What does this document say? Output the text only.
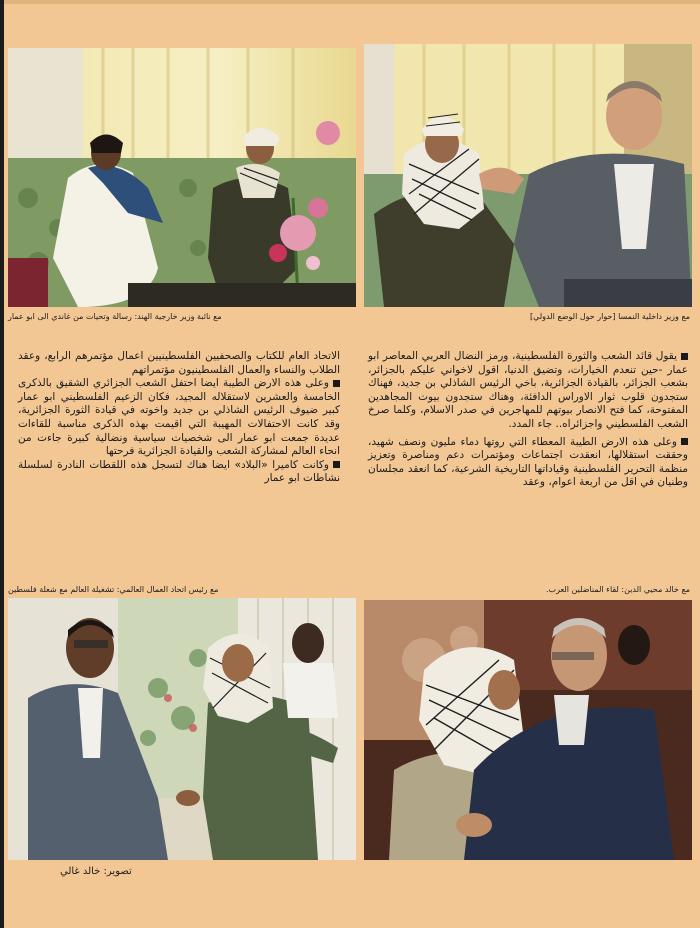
مع نائبة وزير خارجية الهند: رسالة وتحيات من غاندي الى ابو عمار	مع وزير داخلية النمسا [حوار حول الوضع الدولي]

يقول قائد الشعب والثورة الفلسطينية، ورمز النضال العربي المعاصر ابو عمار -حين تنعدم الخيارات، وتضيق الدنيا، اقول لاخواني عليكم بالجزائر، بشعب الجزائر، بالقيادة الجزائرية، باخي الرئيس الشاذلي بن جديد، فهناك ستجدون قلوب ثوار الاوراس الدافئة، وهناك ستجدون بيوت المجاهدين المفتوحة، كما فتح الانصار بيوتهم للمهاجرين في صدر الاسلام، وكلما صرخ الشعب الفلسطيني واجزائراه.. جاء المدد.

وعلى هذه الارض الطيبة المعطاء التي روتها دماء مليون ونصف شهيد، وحققت استقلالها، انعقدت اجتماعات ومؤتمرات دعم ومناصرة وتعزيز منظمة التحرير الفلسطينية وقياداتها التاريخية الشرعية، كما انعقد مجلسان وطنيان في اقل من اربعة اعوام، وعقد

الاتحاد العام للكتاب والصحفيين الفلسطينيين اعمال مؤتمرهم الرابع، وعقد الطلاب والنساء والعمال الفلسطينيون مؤتمراتهم

وعلى هذه الارض الطيبة ايضا احتفل الشعب الجزائري الشقيق بالذكرى الخامسة والعشرين لاستقلاله المجيد، فكان الزعيم الفلسطيني ابو عمار كبير ضيوف الرئيس الشاذلي بن جديد واخوته في قيادة الثورة الجزائرية، وقد كانت الاحتفالات المهيبة التي اقيمت بهذه الذكرى مناسبة للقاءات عديدة جمعت ابو عمار الى شخصيات سياسية ونضالية كبيرة جاءت من انحاء العالم لمشاركة الشعب والقيادة الجزائرية فرحتها

وكانت كاميرا «البلاد» ايضا هناك لتسجل هذه اللقطات النادرة لسلسلة نشاطات ابو عمار

مع رئيس اتحاد العمال العالمي: تشغيلة العالم مع شعلة فلسطين	مع خالد محيي الدين: لقاء المناضلين العرب.
تصوير: خالد غالي
